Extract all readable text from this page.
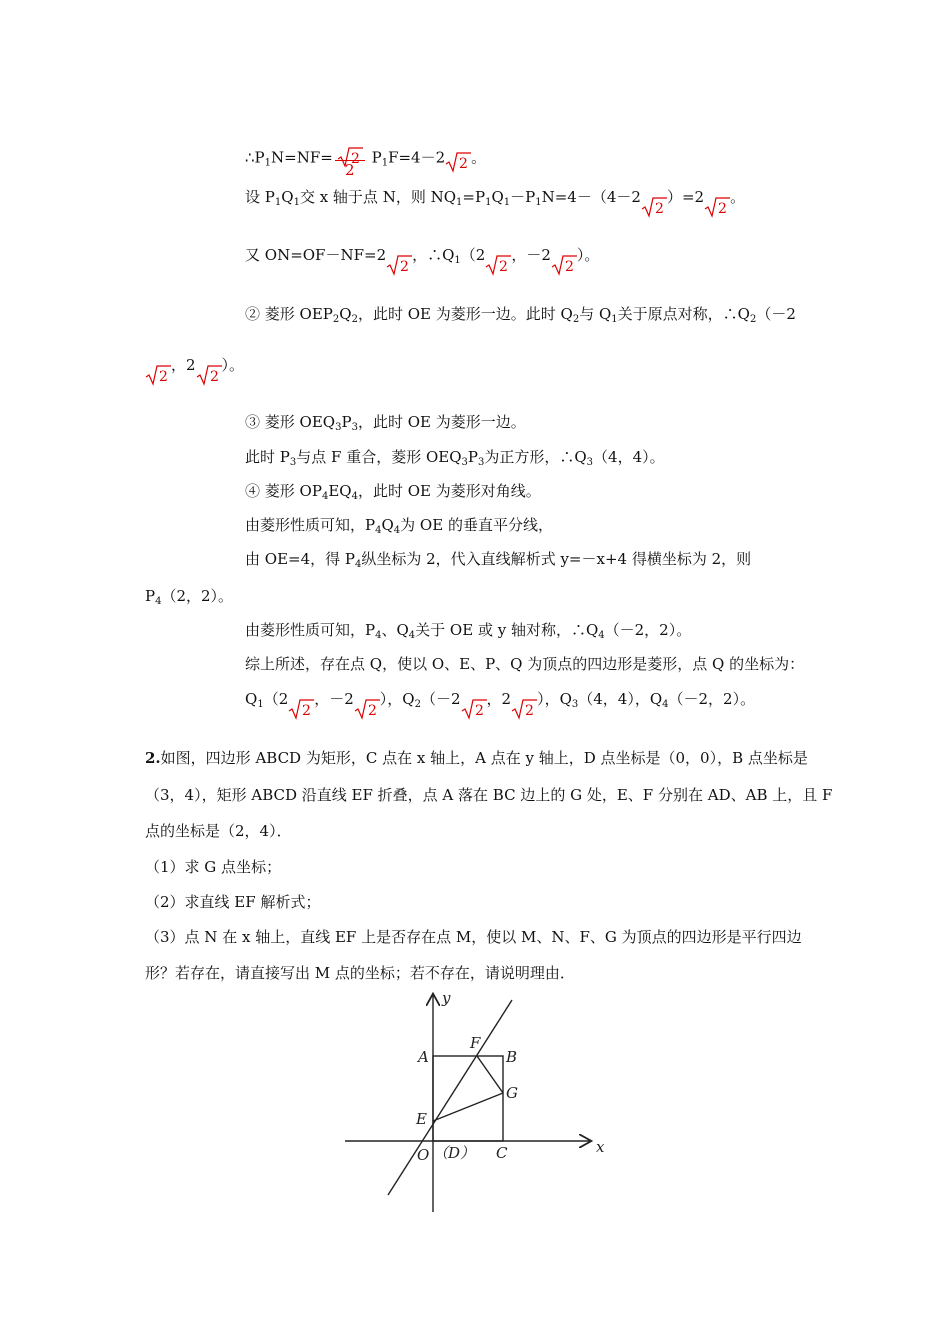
$\therefore P_1N=NF= \frac{2}{2} P_1F=4-2$ 2 。
设 $P_1Q_1$交 x 轴于点 N，则 $NQ_1=P_1Q_1-P_1N=4-(4-2$
2
）=2
2
。
又 ON=OF－NF=2
2
，$\therefore Q_1(2$
2
，－2
2
）。
② 菱形 $OEP_2Q_2$，此时 OE 为菱形一边。此时 $Q_2$与 $Q_1$关于原点对称，$\therefore Q_2(-2$
2
，2
2
）。
③ 菱形 $OEQ_3P_3$，此时 OE 为菱形一边。
此时 $P_3$与点 F 重合，菱形 $OEQ_3P_3$为正方形，$\therefore Q_3(4$，4）。
④ 菱形 $OP_4EQ_4$，此时 OE 为菱形对角线。
由菱形性质可知，$P_4Q_4$为 OE 的垂直平分线，
由 OE=4，得 $P_4$纵坐标为 2，代入直线解析式 y=－x+4 得横坐标为 2，则
$P_4(2$，2）。
由菱形性质可知，$P_4$、$Q_4$关于 OE 或 y 轴对称，$\therefore Q_4(-2$，2）。
综上所述，存在点 Q，使以 O、E、P、Q 为顶点的四边形是菱形，点 Q 的坐标为：
$Q_1(2$
2
，－2
2
），$Q_2(-2$
2
，2
2
），$Q_3(4$，4），$Q_4(-2$，2）。
2.如图，四边形 ABCD 为矩形，C 点在 x 轴上，A 点在 y 轴上，D 点坐标是（0，0），B 点坐标是
（3，4），矩形 ABCD 沿直线 EF 折叠，点 A 落在 BC 边上的 G 处，E、F 分别在 AD、AB 上，且 F
点的坐标是（2，4）．
（1）求 G 点坐标；
（2）求直线 EF 解析式；
（3）点 N 在 x 轴上，直线 EF 上是否存在点 M，使以 M、N、F、G 为顶点的四边形是平行四边
形？若存在，请直接写出 M 点的坐标；若不存在，请说明理由．
y
x
A
F
B
G
E
O （D） C
